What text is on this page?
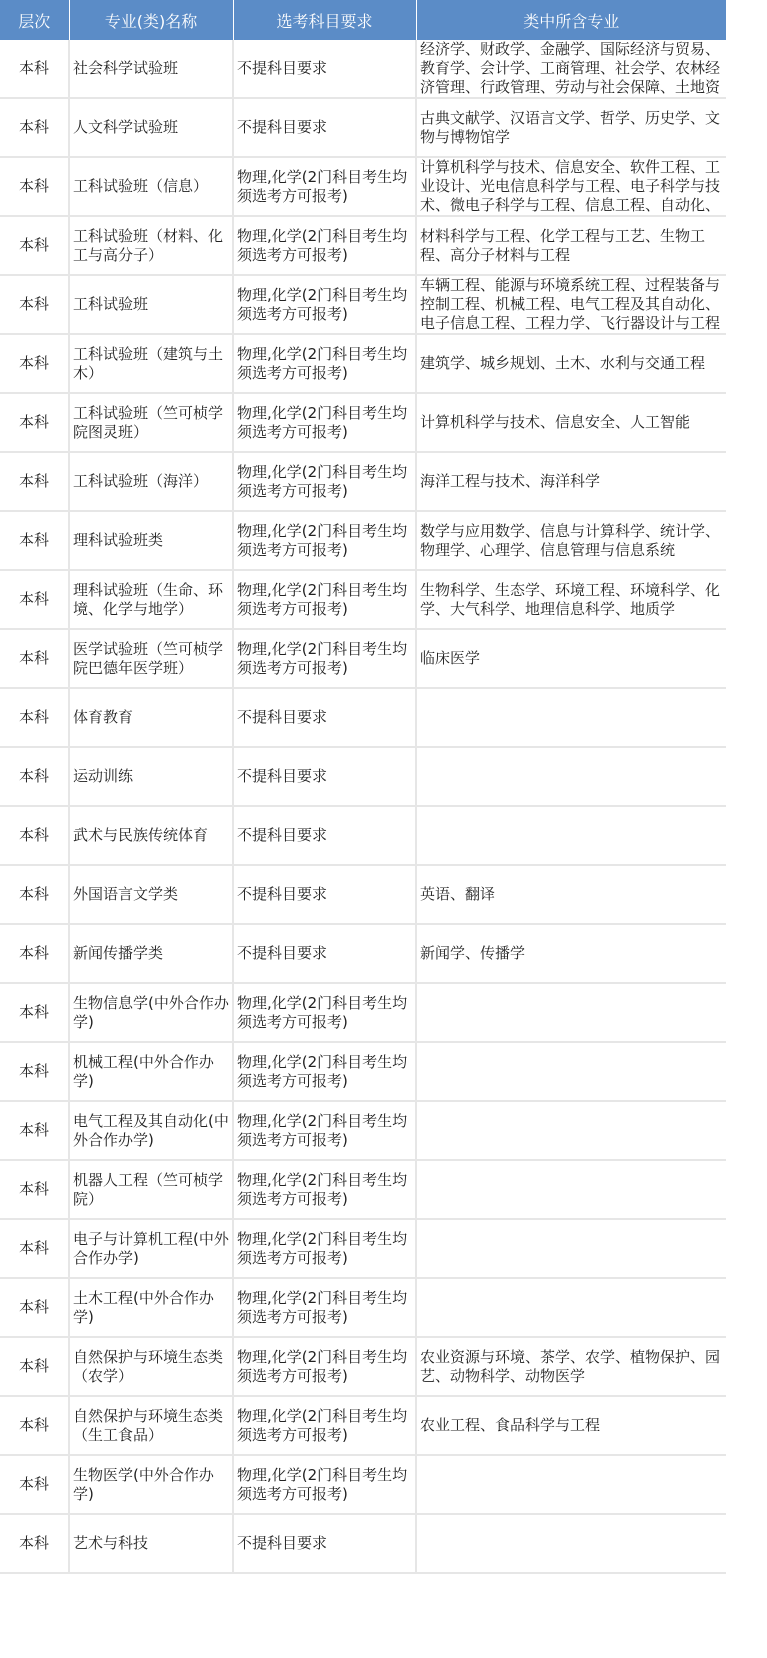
层次	专业(类)名称	选考科目要求	类中所含专业

本科	社会科学试验班	不提科目要求	经济学、财政学、金融学、国际经济与贸易、教育学、会计学、工商管理、社会学、农林经济管理、行政管理、劳动与社会保障、土地资

本科	人文科学试验班	不提科目要求	古典文献学、汉语言文学、哲学、历史学、文物与博物馆学

本科	工科试验班（信息）	物理,化学(2门科目考生均须选考方可报考)	计算机科学与技术、信息安全、软件工程、工业设计、光电信息科学与工程、电子科学与技术、微电子科学与工程、信息工程、自动化、

本科	工科试验班（材料、化工与高分子）	物理,化学(2门科目考生均须选考方可报考)	材料科学与工程、化学工程与工艺、生物工程、高分子材料与工程

本科	工科试验班	物理,化学(2门科目考生均须选考方可报考)	车辆工程、能源与环境系统工程、过程装备与控制工程、机械工程、电气工程及其自动化、电子信息工程、工程力学、飞行器设计与工程

本科	工科试验班（建筑与土木）	物理,化学(2门科目考生均须选考方可报考)	建筑学、城乡规划、土木、水利与交通工程

本科	工科试验班（竺可桢学院图灵班）	物理,化学(2门科目考生均须选考方可报考)	计算机科学与技术、信息安全、人工智能

本科	工科试验班（海洋）	物理,化学(2门科目考生均须选考方可报考)	海洋工程与技术、海洋科学

本科	理科试验班类	物理,化学(2门科目考生均须选考方可报考)	数学与应用数学、信息与计算科学、统计学、物理学、心理学、信息管理与信息系统

本科	理科试验班（生命、环境、化学与地学）	物理,化学(2门科目考生均须选考方可报考)	生物科学、生态学、环境工程、环境科学、化学、大气科学、地理信息科学、地质学

本科	医学试验班（竺可桢学院巴德年医学班）	物理,化学(2门科目考生均须选考方可报考)	临床医学

本科	体育教育	不提科目要求	

本科	运动训练	不提科目要求	

本科	武术与民族传统体育	不提科目要求	

本科	外国语言文学类	不提科目要求	英语、翻译

本科	新闻传播学类	不提科目要求	新闻学、传播学

本科	生物信息学(中外合作办学)	物理,化学(2门科目考生均须选考方可报考)	

本科	机械工程(中外合作办学)	物理,化学(2门科目考生均须选考方可报考)	

本科	电气工程及其自动化(中外合作办学)	物理,化学(2门科目考生均须选考方可报考)	

本科	机器人工程（竺可桢学院）	物理,化学(2门科目考生均须选考方可报考)	

本科	电子与计算机工程(中外合作办学)	物理,化学(2门科目考生均须选考方可报考)	

本科	土木工程(中外合作办学)	物理,化学(2门科目考生均须选考方可报考)	

本科	自然保护与环境生态类（农学）	物理,化学(2门科目考生均须选考方可报考)	农业资源与环境、茶学、农学、植物保护、园艺、动物科学、动物医学

本科	自然保护与环境生态类（生工食品）	物理,化学(2门科目考生均须选考方可报考)	农业工程、食品科学与工程

本科	生物医学(中外合作办学)	物理,化学(2门科目考生均须选考方可报考)	

本科	艺术与科技	不提科目要求	
